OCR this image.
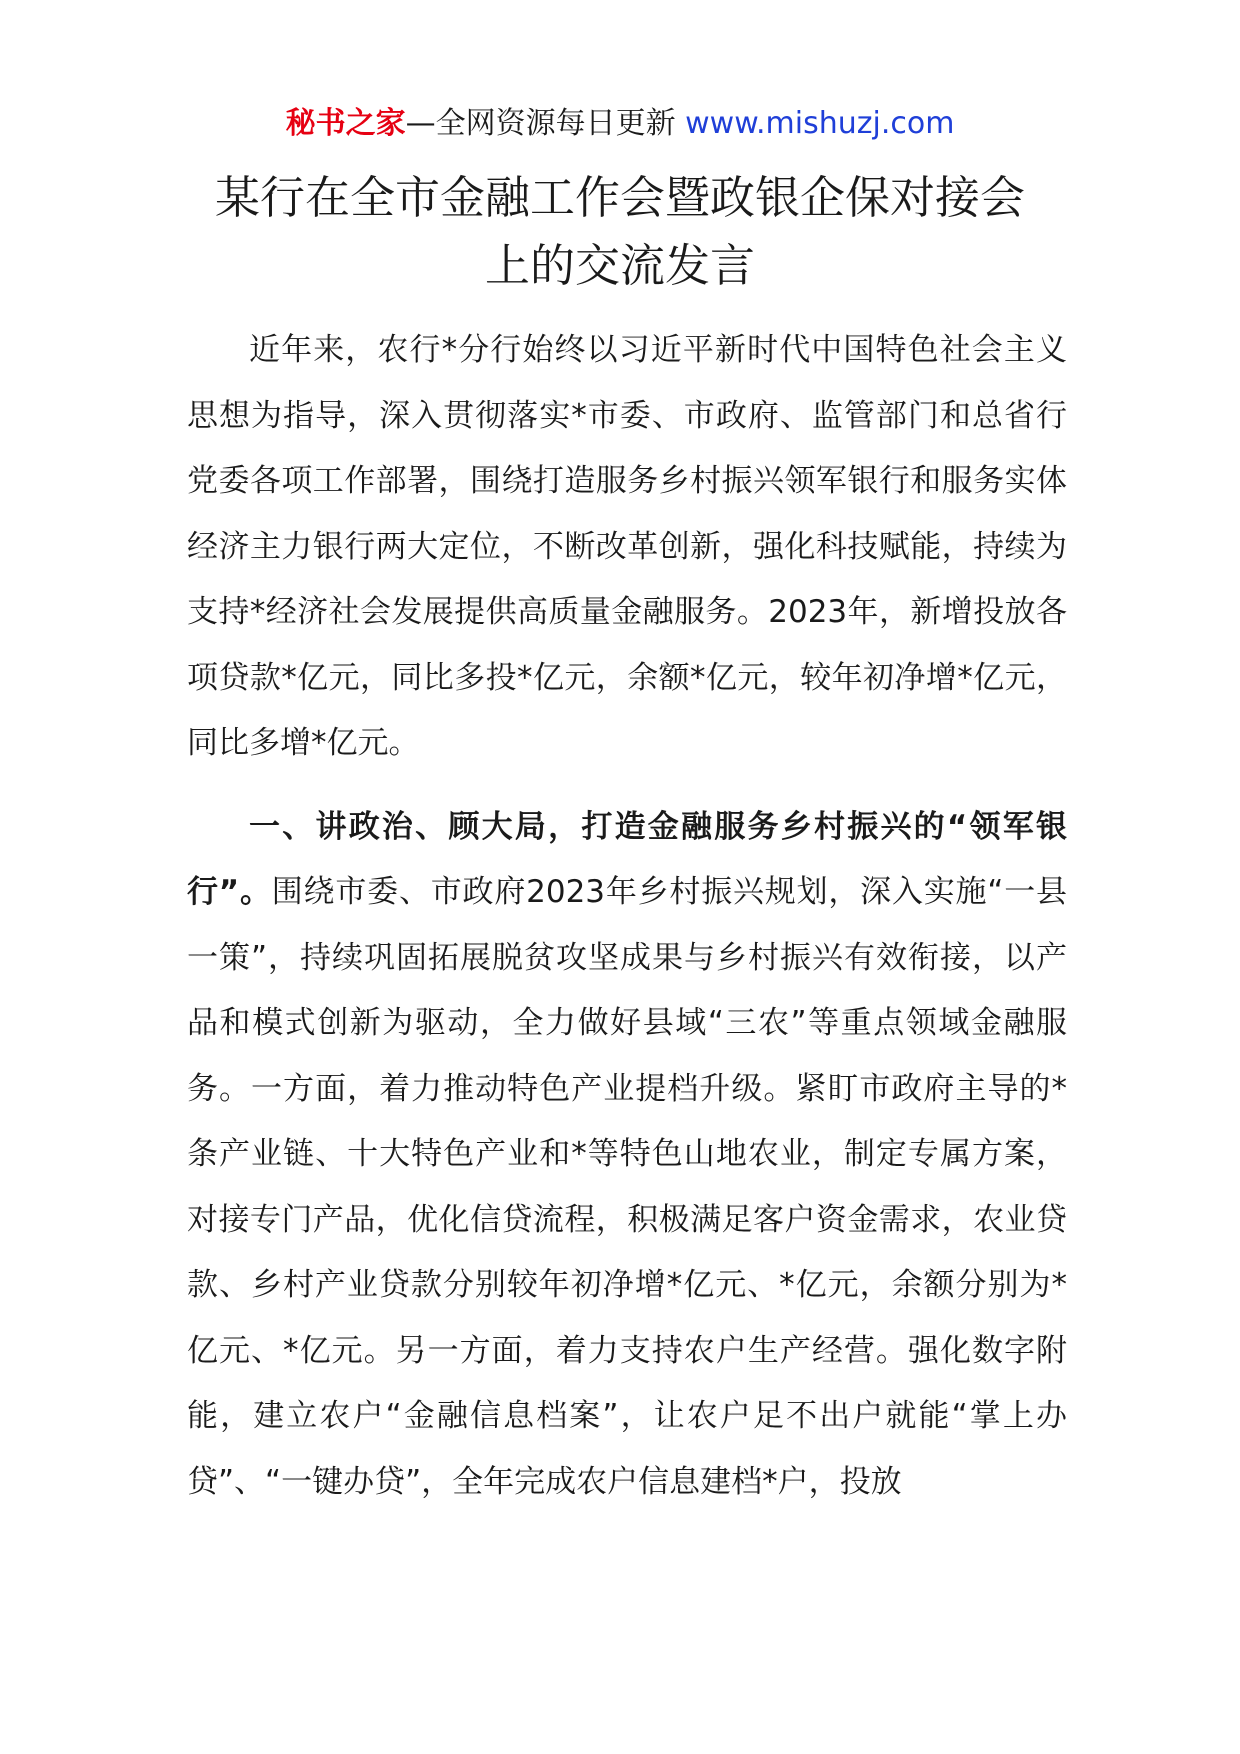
秘书之家—全网资源每日更新 www.mishuzj.com
某行在全市金融工作会暨政银企保对接会
上的交流发言

近年来，农行*分行始终以习近平新时代中国特色社会主义思想为指导，深入贯彻落实*市委、市政府、监管部门和总省行党委各项工作部署，围绕打造服务乡村振兴领军银行和服务实体经济主力银行两大定位，不断改革创新，强化科技赋能，持续为支持*经济社会发展提供高质量金融服务。2023年，新增投放各项贷款*亿元，同比多投*亿元，余额*亿元，较年初净增*亿元，同比多增*亿元。

一、讲政治、顾大局，打造金融服务乡村振兴的“领军银行”。围绕市委、市政府2023年乡村振兴规划，深入实施“一县一策”，持续巩固拓展脱贫攻坚成果与乡村振兴有效衔接，以产品和模式创新为驱动，全力做好县域“三农”等重点领域金融服务。一方面，着力推动特色产业提档升级。紧盯市政府主导的*条产业链、十大特色产业和*等特色山地农业，制定专属方案，对接专门产品，优化信贷流程，积极满足客户资金需求，农业贷款、乡村产业贷款分别较年初净增*亿元、*亿元，余额分别为*亿元、*亿元。另一方面，着力支持农户生产经营。强化数字附能，建立农户“金融信息档案”，让农户足不出户就能“掌上办贷”、“一键办贷”，全年完成农户信息建档*户，投放
